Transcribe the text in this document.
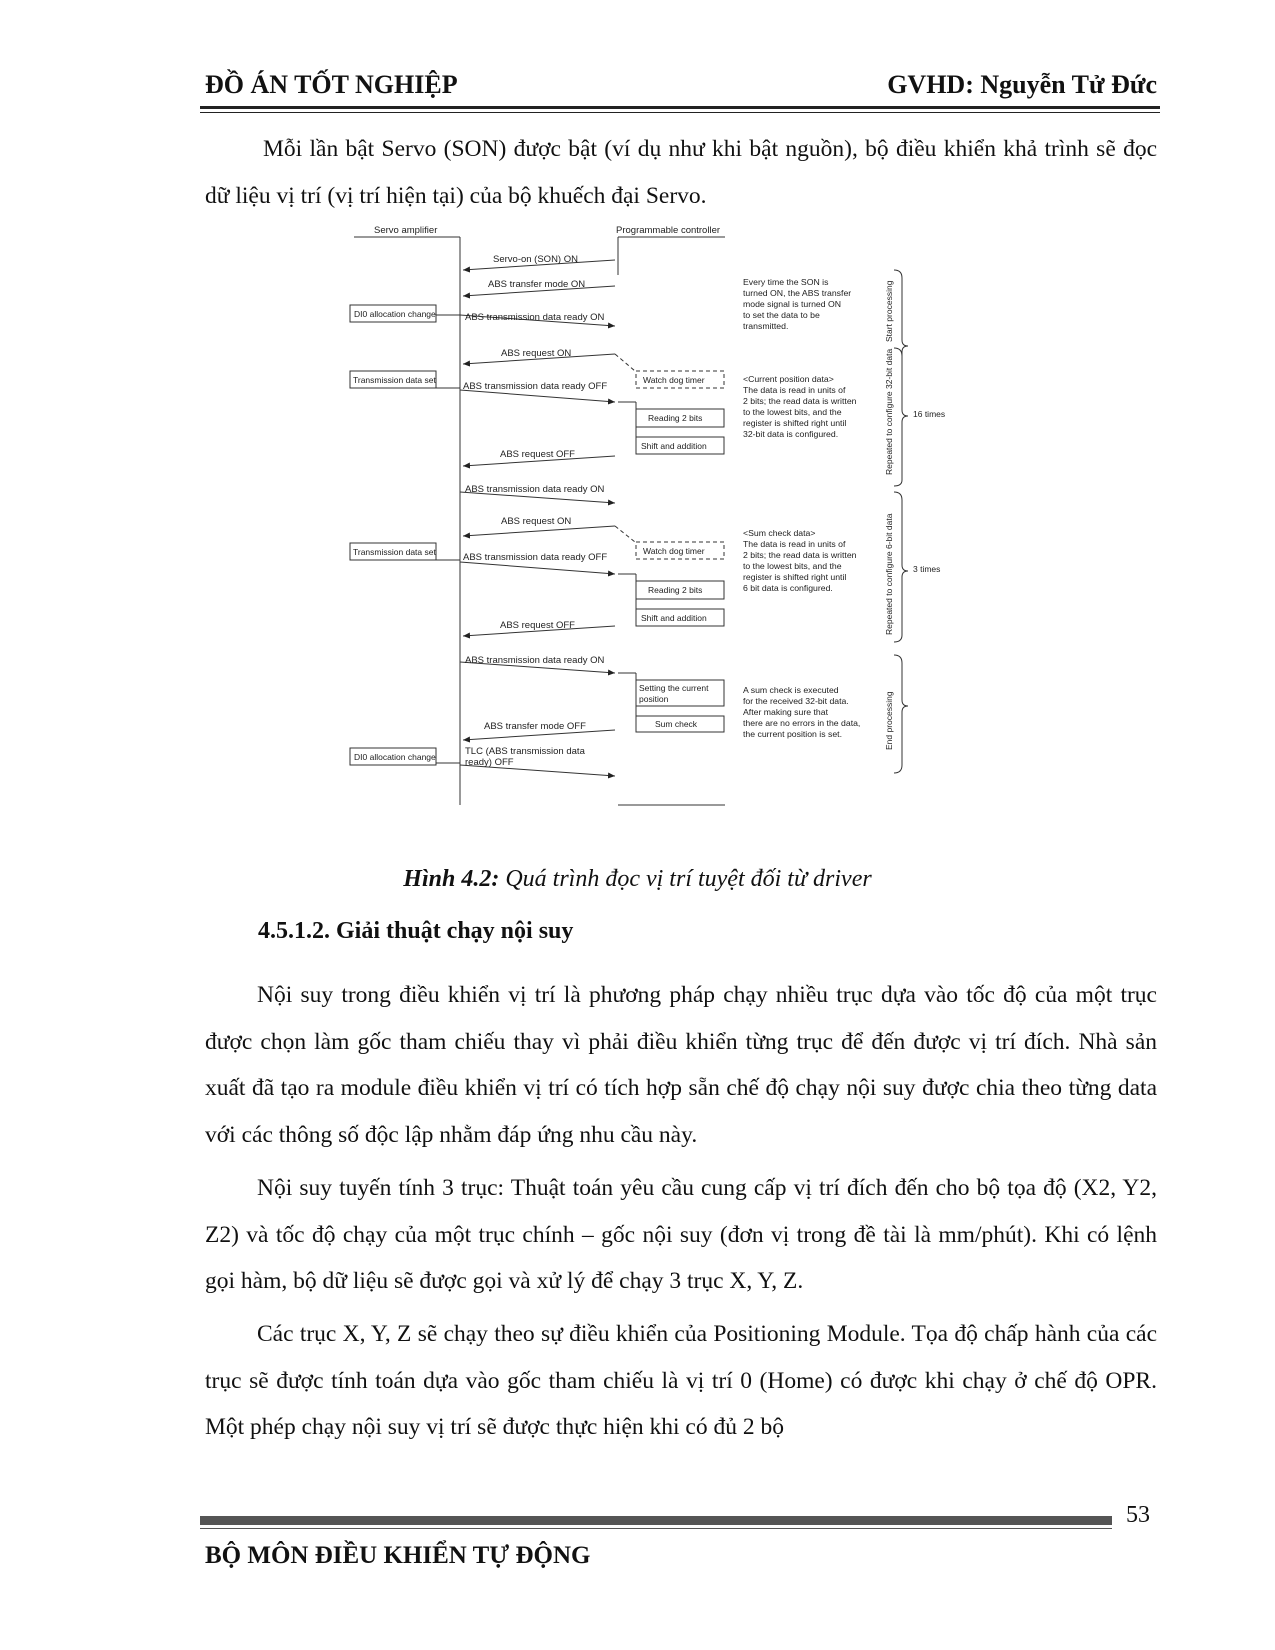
ĐỒ ÁN TỐT NGHIỆP	GVHD: Nguyễn Tử Đức

Mỗi lần bật Servo (SON) được bật (ví dụ như khi bật nguồn), bộ điều khiển khả trình sẽ đọc dữ liệu vị trí (vị trí hiện tại) của bộ khuếch đại Servo.

Servo amplifier	Programmable controller
Servo-on (SON) ON
ABS transfer mode ON
ABS transmission data ready ON
ABS request ON
ABS transmission data ready OFF
ABS request OFF
ABS transmission data ready ON
ABS request ON
ABS transmission data ready OFF
ABS request OFF
ABS transmission data ready ON
ABS transfer mode OFF
TLC (ABS transmission data
ready) OFF
DI0 allocation change
Transmission data set
Transmission data set
DI0 allocation change
Watch dog timer
Reading 2 bits
Shift and addition
Watch dog timer
Reading 2 bits
Shift and addition
Setting the current
position
Sum check
Every time the SON is turned ON, the ABS transfer mode signal is turned ON to set the data to be transmitted.
<Current position data> The data is read in units of 2 bits; the read data is written to the lowest bits, and the register is shifted right until 32-bit data is configured.
<Sum check data> The data is read in units of 2 bits; the read data is written to the lowest bits, and the register is shifted right until 6 bit data is configured.
A sum check is executed for the received 32-bit data. After making sure that there are no errors in the data, the current position is set.
Start processing
Repeated to configure 32-bit data
Repeated to configure 6-bit data
End processing
16 times
3 times
Hình 4.2: Quá trình đọc vị trí tuyệt đối từ driver
4.5.1.2. Giải thuật chạy nội suy

Nội suy trong điều khiển vị trí là phương pháp chạy nhiều trục dựa vào tốc độ của một trục được chọn làm gốc tham chiếu thay vì phải điều khiển từng trục để đến được vị trí đích. Nhà sản xuất đã tạo ra module điều khiển vị trí có tích hợp sẵn chế độ chạy nội suy được chia theo từng data với các thông số độc lập nhằm đáp ứng nhu cầu này.

Nội suy tuyến tính 3 trục: Thuật toán yêu cầu cung cấp vị trí đích đến cho bộ tọa độ (X2, Y2, Z2) và tốc độ chạy của một trục chính – gốc nội suy (đơn vị trong đề tài là mm/phút). Khi có lệnh gọi hàm, bộ dữ liệu sẽ được gọi và xử lý để chạy 3 trục X, Y, Z.

Các trục X, Y, Z sẽ chạy theo sự điều khiển của Positioning Module. Tọa độ chấp hành của các trục sẽ được tính toán dựa vào gốc tham chiếu là vị trí 0 (Home) có được khi chạy ở chế độ OPR. Một phép chạy nội suy vị trí sẽ được thực hiện khi có đủ 2 bộ

53
BỘ MÔN ĐIỀU KHIỂN TỰ ĐỘNG
